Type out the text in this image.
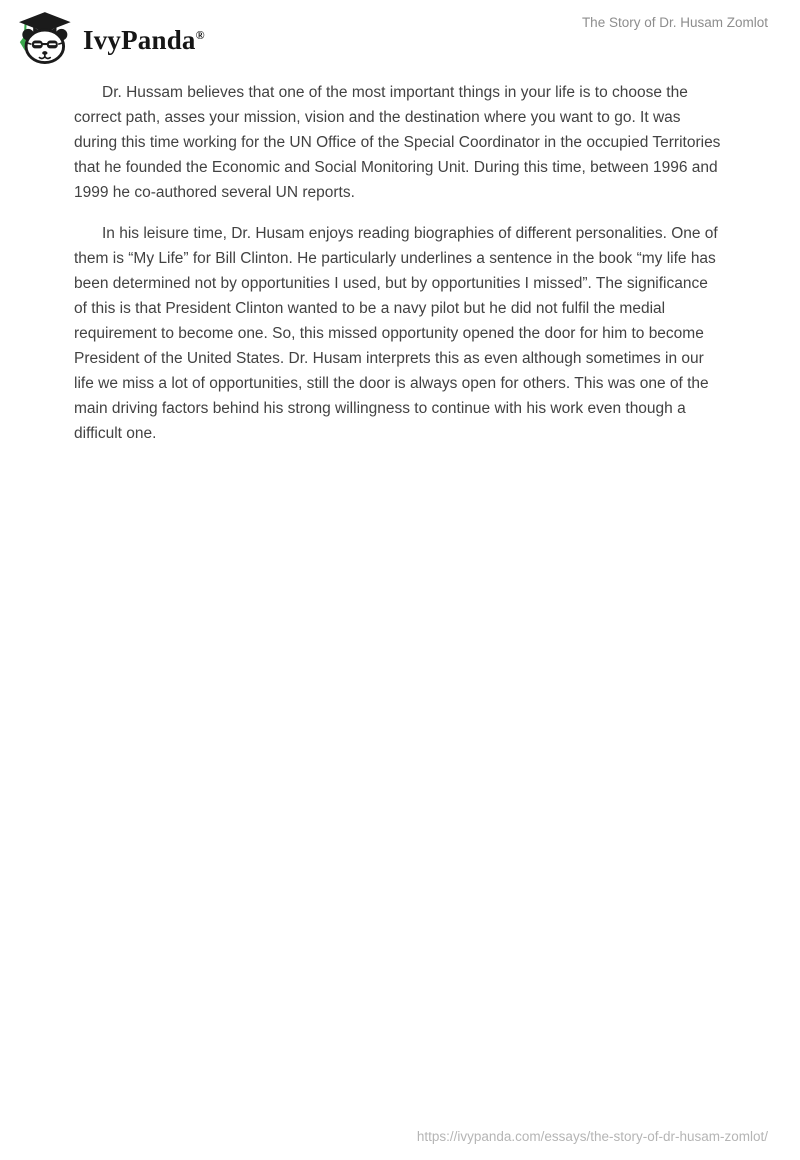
IvyPanda®
The Story of Dr. Husam Zomlot

Dr. Hussam believes that one of the most important things in your life is to choose the correct path, asses your mission, vision and the destination where you want to go. It was during this time working for the UN Office of the Special Coordinator in the occupied Territories that he founded the Economic and Social Monitoring Unit. During this time, between 1996 and 1999 he co-authored several UN reports.

In his leisure time, Dr. Husam enjoys reading biographies of different personalities. One of them is “My Life” for Bill Clinton. He particularly underlines a sentence in the book “my life has been determined not by opportunities I used, but by opportunities I missed”. The significance of this is that President Clinton wanted to be a navy pilot but he did not fulfil the medial requirement to become one. So, this missed opportunity opened the door for him to become President of the United States. Dr. Husam interprets this as even although sometimes in our life we miss a lot of opportunities, still the door is always open for others. This was one of the main driving factors behind his strong willingness to continue with his work even though a difficult one.

https://ivypanda.com/essays/the-story-of-dr-husam-zomlot/
